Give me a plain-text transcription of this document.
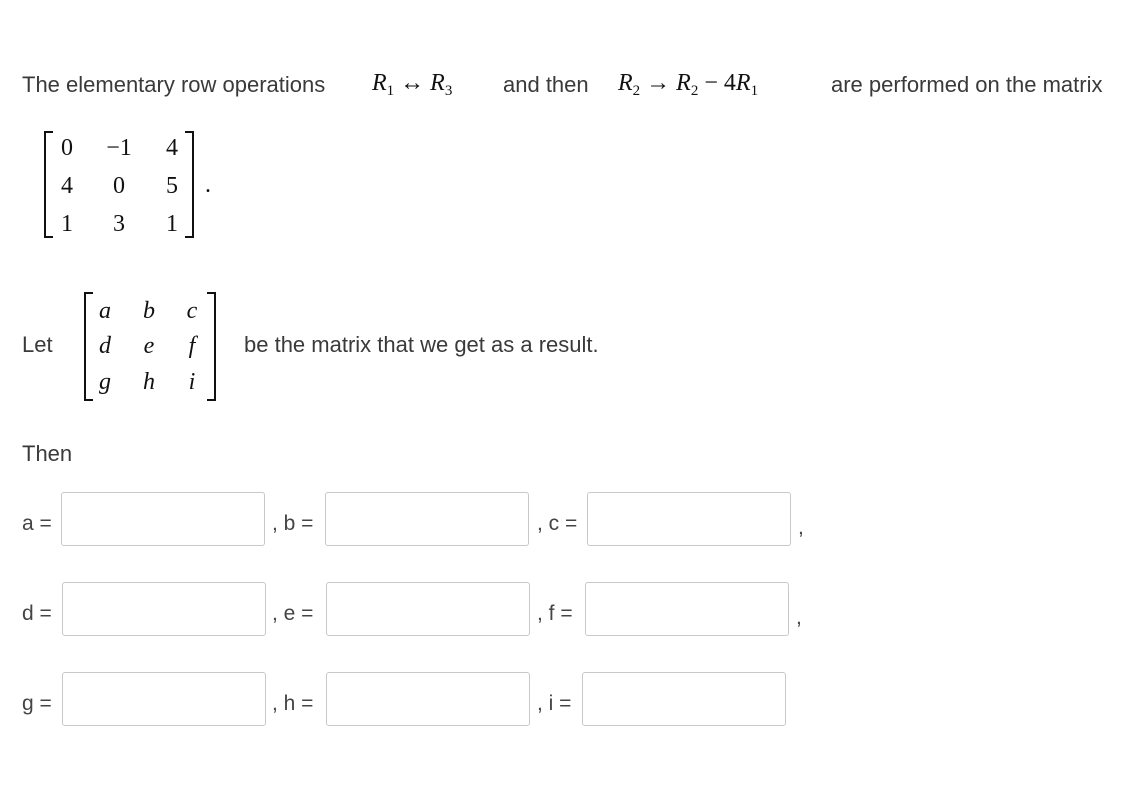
The elementary row operations $R_1$ ↔ $R_3$ and then $R_2 \to R_2 - 4R_1$	are performed on the matrix
0	−1	4
4	0	5
1	3	1
.
Let
a	b	c
d	e	f
g	h	i
be the matrix that we get as a result.
Then
a =	, b =	, c =	,
d =	, e =	, f =	,
g =	, h =	, i =
